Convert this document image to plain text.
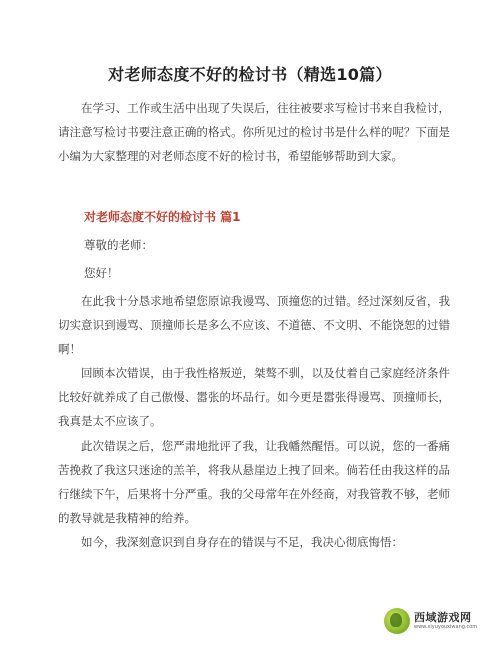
对老师态度不好的检讨书（精选10篇）

在学习、工作或生活中出现了失误后，往往被要求写检讨书来自我检讨，请注意写检讨书要注意正确的格式。你所见过的检讨书是什么样的呢？下面是小编为大家整理的对老师态度不好的检讨书，希望能够帮助到大家。

对老师态度不好的检讨书 篇1

尊敬的老师：

您好！

在此我十分恳求地希望您原谅我谩骂、顶撞您的过错。经过深刻反省，我切实意识到谩骂、顶撞师长是多么不应该、不道德、不文明、不能饶恕的过错啊！

回顾本次错误，由于我性格叛逆，桀骜不驯，以及仗着自己家庭经济条件比较好就养成了自己傲慢、嚣张的坏品行。如今更是嚣张得谩骂、顶撞师长，我真是太不应该了。

此次错误之后，您严肃地批评了我，让我幡然醒悟。可以说，您的一番痛苦挽救了我这只迷途的羔羊，将我从悬崖边上拽了回来。倘若任由我这样的品行继续下午，后果将十分严重。我的父母常年在外经商，对我管教不够，老师的教导就是我精神的给养。

如今，我深刻意识到自身存在的错误与不足，我决心彻底悔悟：

西域游戏网
www.xiyuyouxiwang.com
